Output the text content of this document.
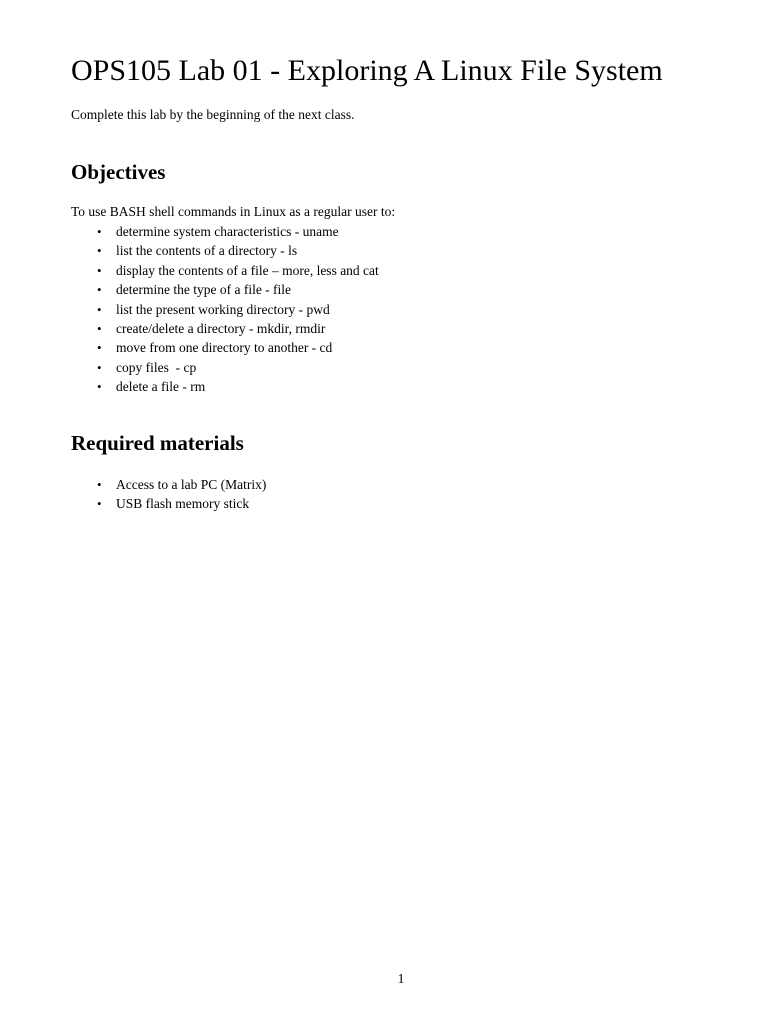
OPS105 Lab 01 - Exploring A Linux File System

Complete this lab by the beginning of the next class.

Objectives

To use BASH shell commands in Linux as a regular user to:

• determine system characteristics - uname
• list the contents of a directory - ls
• display the contents of a file – more, less and cat
• determine the type of a file - file
• list the present working directory - pwd
• create/delete a directory - mkdir, rmdir
• move from one directory to another - cd
• copy files  - cp
• delete a file - rm
Required materials
• Access to a lab PC (Matrix)
• USB flash memory stick
1
